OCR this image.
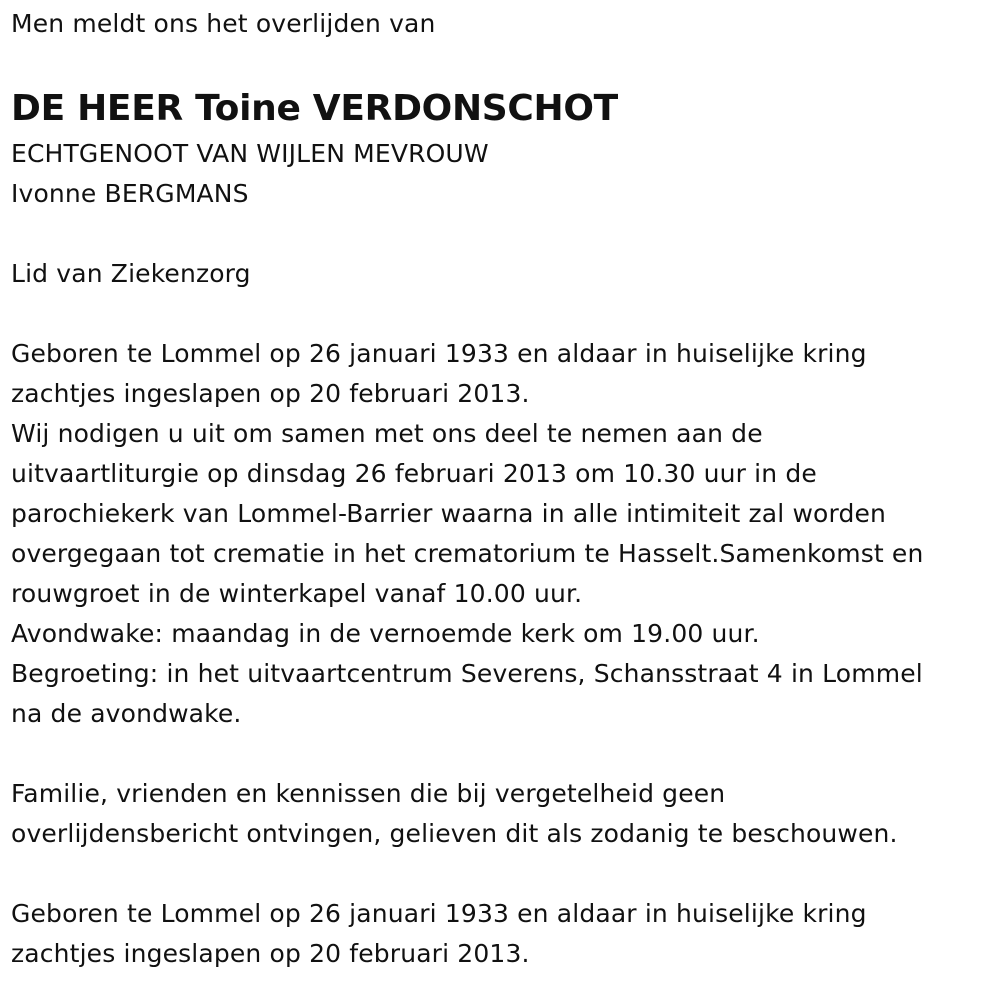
Men meldt ons het overlijden van
DE HEER Toine VERDONSCHOT
ECHTGENOOT VAN WIJLEN MEVROUW
Ivonne BERGMANS
Lid van Ziekenzorg
Geboren te Lommel op 26 januari 1933 en aldaar in huiselijke kring
zachtjes ingeslapen op 20 februari 2013.
Wij nodigen u uit om samen met ons deel te nemen aan de
uitvaartliturgie op dinsdag 26 februari 2013 om 10.30 uur in de
parochiekerk van Lommel-Barrier waarna in alle intimiteit zal worden
overgegaan tot crematie in het crematorium te Hasselt.Samenkomst en
rouwgroet in de winterkapel vanaf 10.00 uur.
Avondwake: maandag in de vernoemde kerk om 19.00 uur.
Begroeting: in het uitvaartcentrum Severens, Schansstraat 4 in Lommel
na de avondwake.
Familie, vrienden en kennissen die bij vergetelheid geen
overlijdensbericht ontvingen, gelieven dit als zodanig te beschouwen.
Geboren te Lommel op 26 januari 1933 en aldaar in huiselijke kring
zachtjes ingeslapen op 20 februari 2013.
